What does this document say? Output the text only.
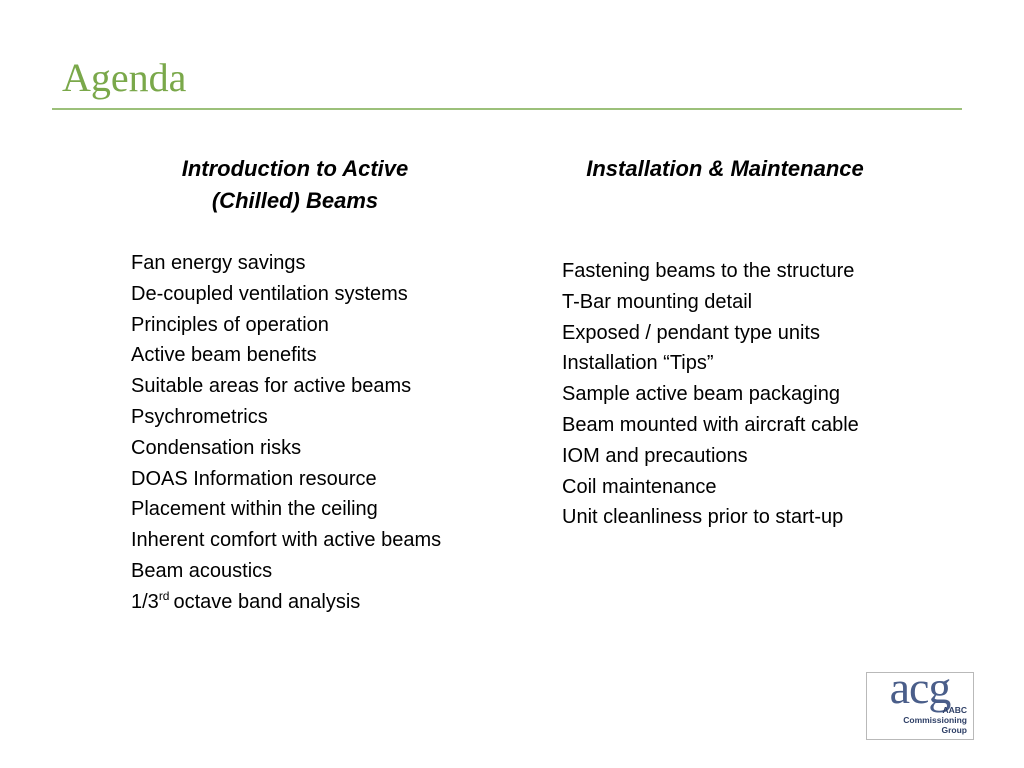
Agenda
Introduction to Active
(Chilled) Beams
Installation & Maintenance
Fan energy savings
De-coupled ventilation systems
Principles of operation
Active beam benefits
Suitable areas for active beams
Psychrometrics
Condensation risks
DOAS Information resource
Placement within the ceiling
Inherent comfort with active beams
Beam acoustics
1/3rd octave band analysis
Fastening beams to the structure
T-Bar mounting detail
Exposed / pendant type units
Installation “Tips”
Sample active beam packaging
Beam mounted with aircraft cable
IOM and precautions
Coil maintenance
Unit cleanliness prior to start-up
acg
AABC
Commissioning
Group
